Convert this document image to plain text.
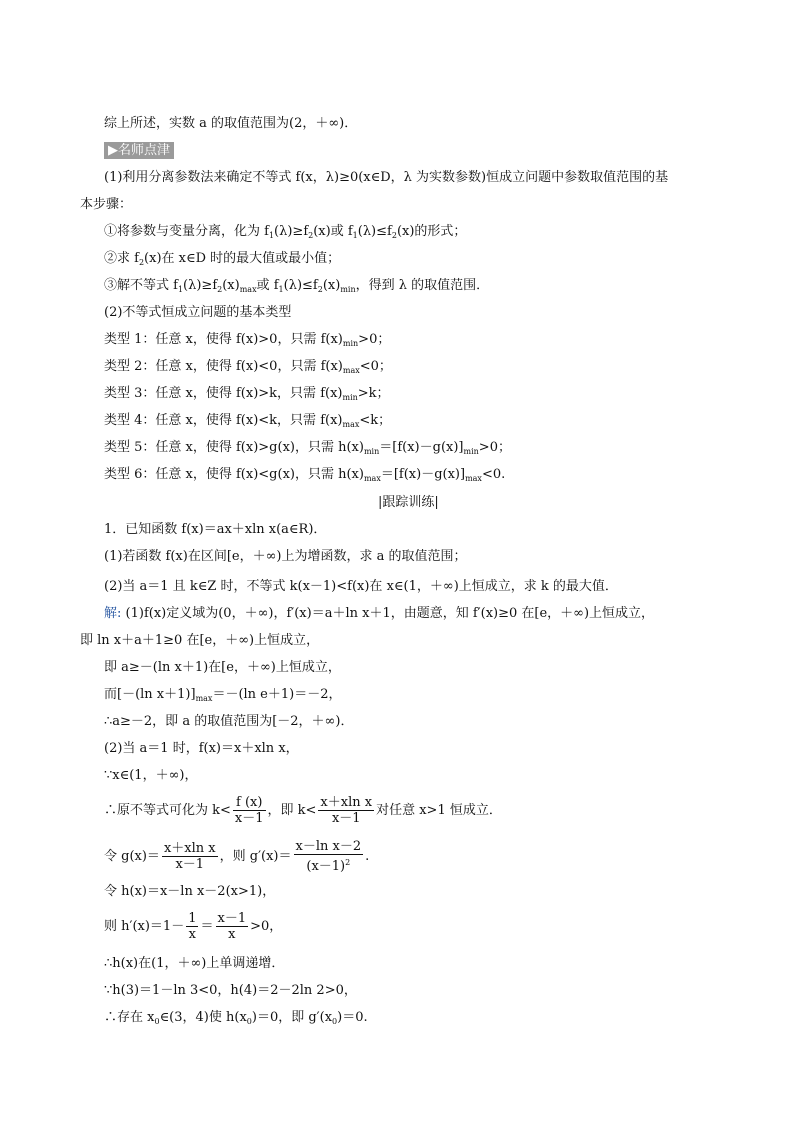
综上所述，实数 a 的取值范围为(2，＋∞)．
▶名师点津
(1)利用分离参数法来确定不等式 f(x，λ)≥0(x∈D，λ 为实数参数)恒成立问题中参数取值范围的基
本步骤：
①将参数与变量分离，化为 $f_1(\lambda)\ge f_2(x)$或 $f_1(\lambda)\le f_2(x)$的形式；
②求 $f_2(x)$在 x∈D 时的最大值或最小值；
③解不等式 $f_1(\lambda)\ge f_2(x)_{max}$或 $f_1(\lambda)\le f_2(x)_{min}$，得到 λ 的取值范围．
(2)不等式恒成立问题的基本类型
类型 1：任意 x，使得 f(x)>0，只需 $f(x)_{min}>0$；
类型 2：任意 x，使得 f(x)<0，只需 $f(x)_{max}<0$；
类型 3：任意 x，使得 f(x)>k，只需 $f(x)_{min}>k$；
类型 4：任意 x，使得 f(x)<k，只需 $f(x)_{max}<k$；
类型 5：任意 x，使得 f(x)>g(x)，只需 $h(x)_{min}=[f(x)-g(x)]_{min}>0$；
类型 6：任意 x，使得 f(x)<g(x)，只需 $h(x)_{max}=[f(x)-g(x)]_{max}<0$.
|跟踪训练|
1．已知函数 f(x)＝ax＋xln x(a∈R)．
(1)若函数 f(x)在区间[e，＋∞)上为增函数，求 a 的取值范围；
(2)当 a＝1 且 k∈Z 时，不等式 k(x－1)<f(x)在 x∈(1，＋∞)上恒成立，求 k 的最大值．
解: (1)f(x)定义域为(0，＋∞)，f′(x)＝a＋ln x＋1，由题意，知 f′(x)≥0 在[e，＋∞)上恒成立，
即 ln x＋a＋1≥0 在[e，＋∞)上恒成立，
即 a≥－(ln x＋1)在[e，＋∞)上恒成立，
而[－(ln $x+1)]_{max}=-(\ln$ e＋1)＝－2，
∴a≥－2，即 a 的取值范围为[－2，＋∞)．
(2)当 a＝1 时，f(x)＝x＋xln x，
∵x∈(1，＋∞)，
∴原不等式可化为 $k< \frac{f (x)}{x-1}$ ，即 $k< \frac{\text{x＋xln x}}{x-1}$ 对任意 x>1 恒成立．
令 $g(x)= \frac{\text{x＋xln x}}{x-1}$ ，则 $g'(x)= \frac{\text{x－ln x－2}}{(x-1)^2}$ .
令 h(x)＝x－ln x－2(x>1)，
则 $h'(x)=1- \frac{1}{x} = \frac{x-1}{x} >0$，
∴h(x)在(1，＋∞)上单调递增．
∵h(3)＝1－ln 3<0，h(4)＝2－2ln 2>0，
∴存在 $x_0\in(3$，4)使 $h(x_0)=0$，即 $g'(x_0)=0$.
